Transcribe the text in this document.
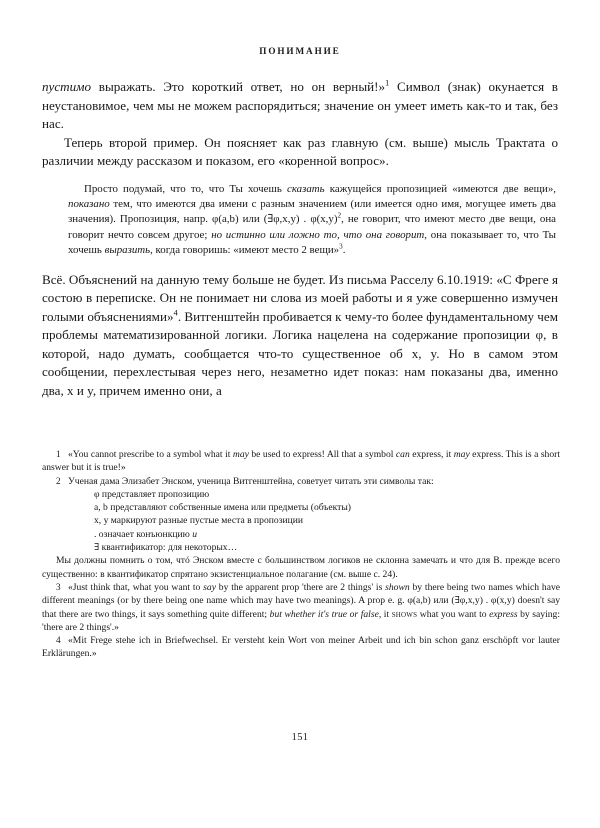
ПОНИМАНИЕ

пустимо выражать. Это короткий ответ, но он верный!»$^1$ Символ (знак) окунается в неустановимое, чем мы не можем распорядиться; значение он умеет иметь как-то и так, без нас.

Теперь второй пример. Он поясняет как раз главную (см. выше) мысль Трактата о различии между рассказом и показом, его «коренной вопрос».

Просто подумай, что то, что Ты хочешь сказать кажущейся пропозицией «имеются две вещи», показано тем, что имеются два имени с разным значением (или имеется одно имя, могущее иметь два значения). Пропозиция, напр. φ(a,b) или (∃φ,x,y) . $\varphi(x,y)^2$, не говорит, что имеют место две вещи, она говорит нечто совсем другое; но истинно или ложно то, что она говорит, она показывает то, что Ты хочешь выразить, когда говоришь: «имеют место 2 вещи»$^3$.

Всё. Объяснений на данную тему больше не будет. Из письма Расселу 6.10.1919: «С Фреге я состою в переписке. Он не понимает ни слова из моей работы и я уже совершенно измучен голыми объяснениями»$^4$. Витгенштейн пробивается к чему-то более фундаментальному чем проблемы математизированной логики. Логика нацелена на содержание пропозиции φ, в которой, надо думать, сообщается что-то существенное об x, y. Но в самом этом сообщении, перехлестывая через него, незаметно идет показ: нам показаны два, именно два, x и y, причем именно они, а

1 «You cannot prescribe to a symbol what it may be used to express! All that a symbol can express, it may express. This is a short answer but it is true!»

2 Ученая дама Элизабет Энском, ученица Витгенштейна, советует читать эти символы так:

φ представляет пропозицию
a, b представляют собственные имена или предметы (объекты)
x, y маркируют разные пустые места в пропозиции
. означает конъюнкцию и
∃ квантификатор: для некоторых…

Мы должны помнить о том, чтó Энском вместе с большинством логиков не склонна замечать и что для В. прежде всего существенно: в квантификатор спрятано экзистенциальное полагание (см. выше с. 24).

3 «Just think that, what you want to say by the apparent prop 'there are 2 things' is shown by there being two names which have different meanings (or by there being one name which may have two meanings). A prop e. g. φ(a,b) или (∃φ,x,y) . φ(x,y) doesn't say that there are two things, it says something quite different; but whether it's true or false, it shows what you want to express by saying: 'there are 2 things'.»

4 «Mit Frege stehe ich in Briefwechsel. Er versteht kein Wort von meiner Arbeit und ich bin schon ganz erschöpft vor lauter Erklärungen.»

151
